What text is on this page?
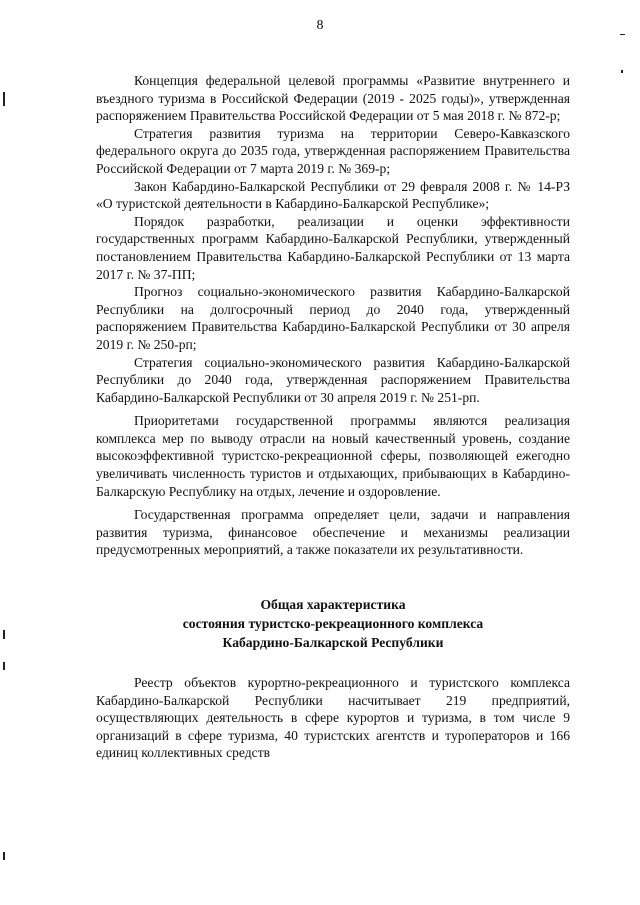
8

Концепция федеральной целевой программы «Развитие внутреннего и въездного туризма в Российской Федерации (2019 - 2025 годы)», утвержденная распоряжением Правительства Российской Федерации от 5 мая 2018 г. № 872-р;

Стратегия развития туризма на территории Северо-Кавказского федерального округа до 2035 года, утвержденная распоряжением Правительства Российской Федерации от 7 марта 2019 г. № 369-р;

Закон Кабардино-Балкарской Республики от 29 февраля 2008 г. № 14-РЗ «О туристской деятельности в Кабардино-Балкарской Республике»;

Порядок разработки, реализации и оценки эффективности государственных программ Кабардино-Балкарской Республики, утвержденный постановлением Правительства Кабардино-Балкарской Республики от 13 марта 2017 г. № 37-ПП;

Прогноз социально-экономического развития Кабардино-Балкарской Республики на долгосрочный период до 2040 года, утвержденный распоряжением Правительства Кабардино-Балкарской Республики от 30 апреля 2019 г. № 250-рп;

Стратегия социально-экономического развития Кабардино-Балкарской Республики до 2040 года, утвержденная распоряжением Правительства Кабардино-Балкарской Республики от 30 апреля 2019 г. № 251-рп.

Приоритетами государственной программы являются реализация комплекса мер по выводу отрасли на новый качественный уровень, создание высокоэффективной туристско-рекреационной сферы, позволяющей ежегодно увеличивать численность туристов и отдыхающих, прибывающих в Кабардино-Балкарскую Республику на отдых, лечение и оздоровление.

Государственная программа определяет цели, задачи и направления развития туризма, финансовое обеспечение и механизмы реализации предусмотренных мероприятий, а также показатели их результативности.

Общая характеристика
состояния туристско-рекреационного комплекса
Кабардино-Балкарской Республики

Реестр объектов курортно-рекреационного и туристского комплекса Кабардино-Балкарской Республики насчитывает 219 предприятий, осуществляющих деятельность в сфере курортов и туризма, в том числе 9 организаций в сфере туризма, 40 туристских агентств и туроператоров и 166 единиц коллективных средств
